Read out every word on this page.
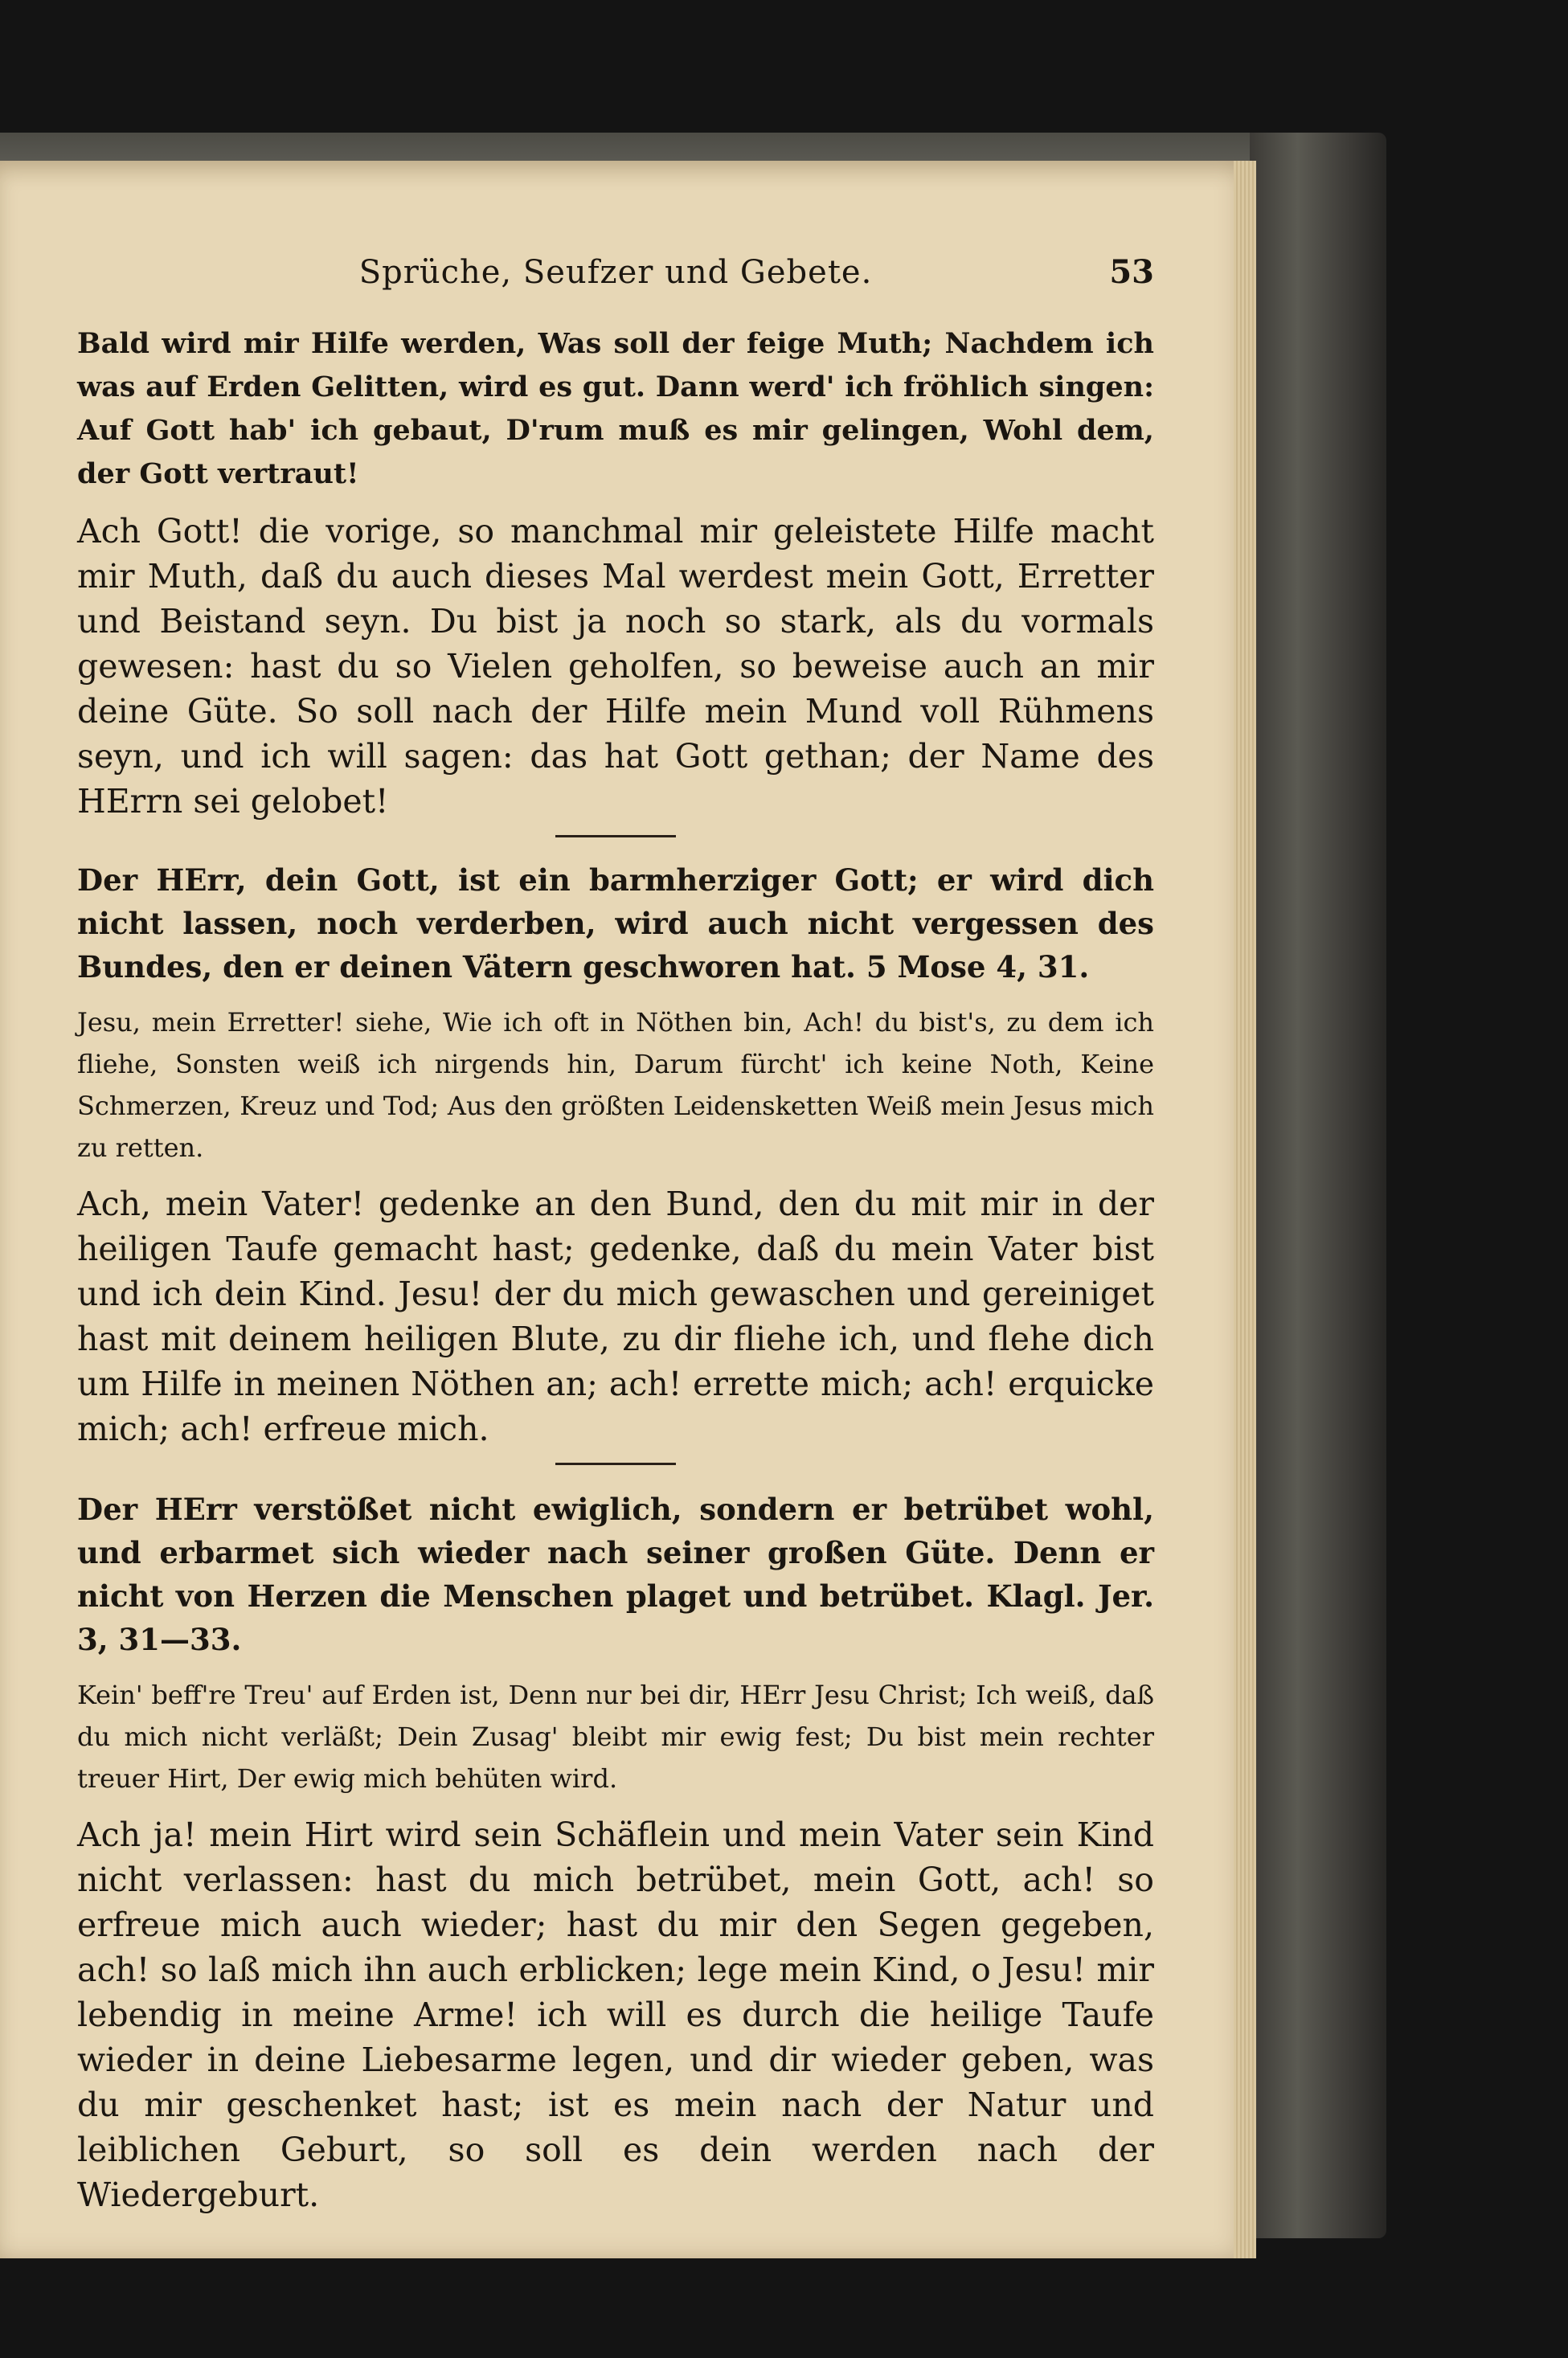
Sprüche, Seufzer und Gebete.	53

Bald wird mir Hilfe werden, Was soll der feige Muth; Nachdem ich was auf Erden Gelitten, wird es gut. Dann werd' ich fröhlich singen: Auf Gott hab' ich gebaut, D'rum muß es mir gelingen, Wohl dem, der Gott vertraut!

Ach Gott! die vorige, so manchmal mir geleistete Hilfe macht mir Muth, daß du auch dieses Mal werdest mein Gott, Erretter und Beistand seyn. Du bist ja noch so stark, als du vormals gewesen: hast du so Vielen geholfen, so beweise auch an mir deine Güte. So soll nach der Hilfe mein Mund voll Rühmens seyn, und ich will sagen: das hat Gott gethan; der Name des HErrn sei gelobet!

Der HErr, dein Gott, ist ein barmherziger Gott; er wird dich nicht lassen, noch verderben, wird auch nicht vergessen des Bundes, den er deinen Vätern geschworen hat. 5 Mose 4, 31.

Jesu, mein Erretter! siehe, Wie ich oft in Nöthen bin, Ach! du bist's, zu dem ich fliehe, Sonsten weiß ich nirgends hin, Darum fürcht' ich keine Noth, Keine Schmerzen, Kreuz und Tod; Aus den größten Leidensketten Weiß mein Jesus mich zu retten.

Ach, mein Vater! gedenke an den Bund, den du mit mir in der heiligen Taufe gemacht hast; gedenke, daß du mein Vater bist und ich dein Kind. Jesu! der du mich gewaschen und gereiniget hast mit deinem heiligen Blute, zu dir fliehe ich, und flehe dich um Hilfe in meinen Nöthen an; ach! errette mich; ach! erquicke mich; ach! erfreue mich.

Der HErr verstößet nicht ewiglich, sondern er betrübet wohl, und erbarmet sich wieder nach seiner großen Güte. Denn er nicht von Herzen die Menschen plaget und betrübet. Klagl. Jer. 3, 31—33.

Kein' beff're Treu' auf Erden ist, Denn nur bei dir, HErr Jesu Christ; Ich weiß, daß du mich nicht verläßt; Dein Zusag' bleibt mir ewig fest; Du bist mein rechter treuer Hirt, Der ewig mich behüten wird.

Ach ja! mein Hirt wird sein Schäflein und mein Vater sein Kind nicht verlassen: hast du mich betrübet, mein Gott, ach! so erfreue mich auch wieder; hast du mir den Segen gegeben, ach! so laß mich ihn auch erblicken; lege mein Kind, o Jesu! mir lebendig in meine Arme! ich will es durch die heilige Taufe wieder in deine Liebesarme legen, und dir wieder geben, was du mir geschenket hast; ist es mein nach der Natur und leiblichen Geburt, so soll es dein werden nach der Wiedergeburt.
